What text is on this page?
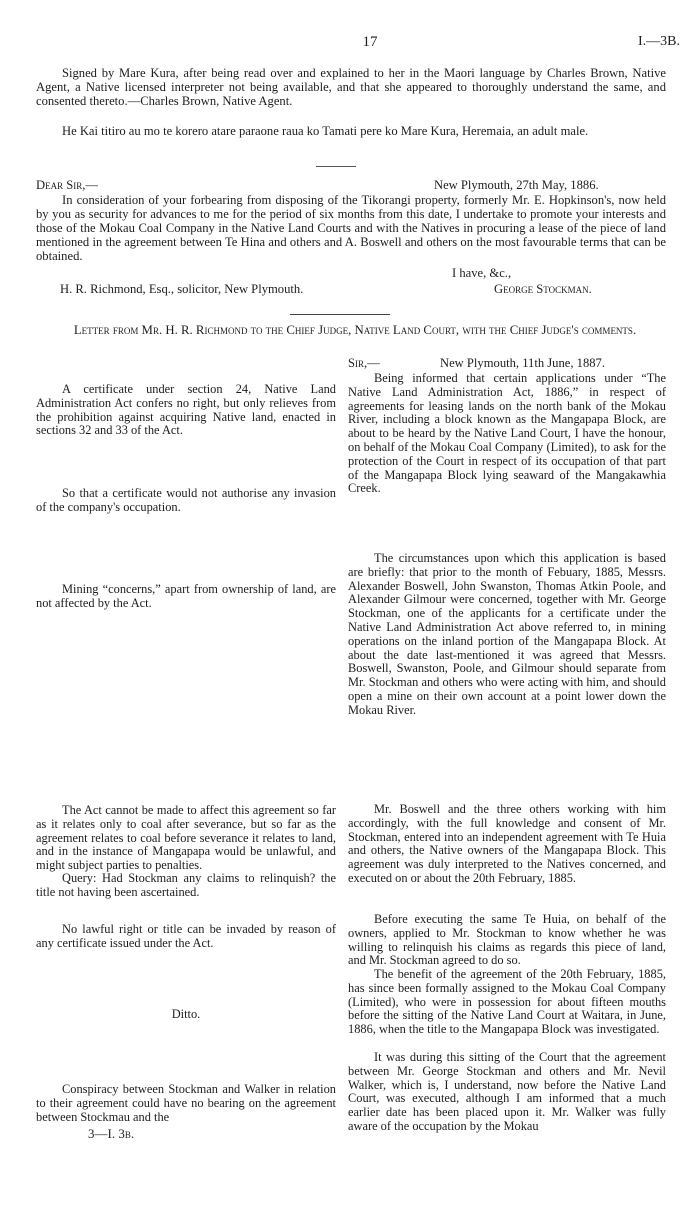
17	I.—3B.

Signed by Mare Kura, after being read over and explained to her in the Maori language by Charles Brown, Native Agent, a Native licensed interpreter not being available, and that she appeared to thoroughly understand the same, and consented thereto.—Charles Brown, Native Agent.

He Kai titiro au mo te korero atare paraone raua ko Tamati pere ko Mare Kura, Heremaia, an adult male.

Dear Sir,—	New Plymouth, 27th May, 1886.

In consideration of your forbearing from disposing of the Tikorangi property, formerly Mr. E. Hopkinson's, now held by you as security for advances to me for the period of six months from this date, I undertake to promote your interests and those of the Mokau Coal Company in the Native Land Courts and with the Natives in procuring a lease of the piece of land mentioned in the agreement between Te Hina and others and A. Boswell and others on the most favourable terms that can be obtained.

I have, &c.,
H. R. Richmond, Esq., solicitor, New Plymouth.	George Stockman.

Letter from Mr. H. R. Richmond to the Chief Judge, Native Land Court, with the Chief Judge's comments.

Sir,—	New Plymouth, 11th June, 1887.

Being informed that certain applications under “The Native Land Administration Act, 1886,” in respect of agreements for leasing lands on the north bank of the Mokau River, including a block known as the Mangapapa Block, are about to be heard by the Native Land Court, I have the honour, on behalf of the Mokau Coal Company (Limited), to ask for the protection of the Court in respect of its occupation of that part of the Mangapapa Block lying seaward of the Mangakawhia Creek.

The circumstances upon which this application is based are briefly: that prior to the month of Febuary, 1885, Messrs. Alexander Boswell, John Swanston, Thomas Atkin Poole, and Alexander Gilmour were concerned, together with Mr. George Stockman, one of the applicants for a certificate under the Native Land Administration Act above referred to, in mining operations on the inland portion of the Mangapapa Block. At about the date last-mentioned it was agreed that Messrs. Boswell, Swanston, Poole, and Gilmour should separate from Mr. Stockman and others who were acting with him, and should open a mine on their own account at a point lower down the Mokau River.

Mr. Boswell and the three others working with him accordingly, with the full knowledge and consent of Mr. Stockman, entered into an independent agreement with Te Huia and others, the Native owners of the Mangapapa Block. This agreement was duly interpreted to the Natives concerned, and executed on or about the 20th February, 1885.

Before executing the same Te Huia, on behalf of the owners, applied to Mr. Stockman to know whether he was willing to relinquish his claims as regards this piece of land, and Mr. Stockman agreed to do so.

The benefit of the agreement of the 20th February, 1885, has since been formally assigned to the Mokau Coal Company (Limited), who were in possession for about fifteen mouths before the sitting of the Native Land Court at Waitara, in June, 1886, when the title to the Mangapapa Block was investigated.

It was during this sitting of the Court that the agreement between Mr. George Stockman and others and Mr. Nevil Walker, which is, I understand, now before the Native Land Court, was executed, although I am informed that a much earlier date has been placed upon it. Mr. Walker was fully aware of the occupation by the Mokau

A certificate under section 24, Native Land Administration Act confers no right, but only relieves from the prohibition against acquiring Native land, enacted in sections 32 and 33 of the Act.

So that a certificate would not authorise any invasion of the company's occupation.

Mining “concerns,” apart from ownership of land, are not affected by the Act.

The Act cannot be made to affect this agreement so far as it relates only to coal after severance, but so far as the agreement relates to coal before severance it relates to land, and in the instance of Mangapapa would be unlawful, and might subject parties to penalties.

Query: Had Stockman any claims to relinquish? the title not having been ascertained.

No lawful right or title can be invaded by reason of any certificate issued under the Act.

Ditto.

Conspiracy between Stockman and Walker in relation to their agreement could have no bearing on the agreement between Stockmau and the

3—I. 3b.
